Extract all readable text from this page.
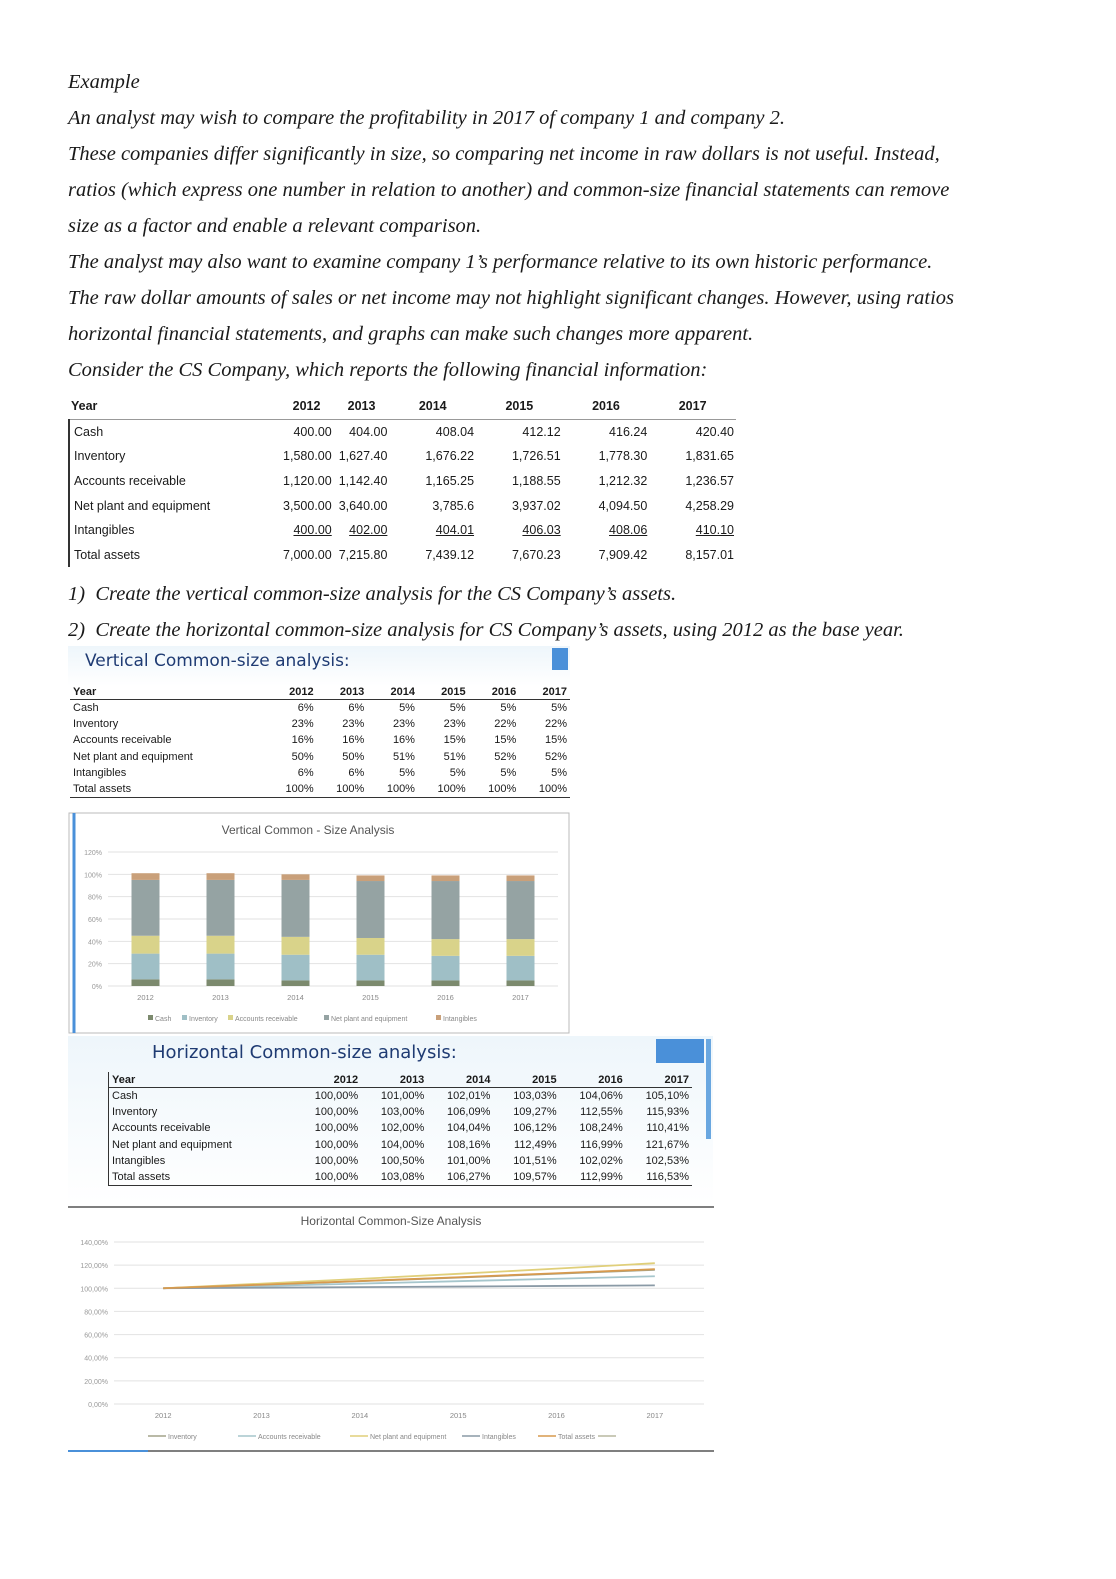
Example

An analyst may wish to compare the profitability in 2017 of company 1 and company 2.

These companies differ significantly in size, so comparing net income in raw dollars is not useful. Instead,

ratios (which express one number in relation to another) and common-size financial statements can remove

size as a factor and enable a relevant comparison.

The analyst may also want to examine company 1’s performance relative to its own historic performance.

The raw dollar amounts of sales or net income may not highlight significant changes. However, using ratios

horizontal financial statements, and graphs can make such changes more apparent.

Consider the CS Company, which reports the following financial information:

Year	2012	2013	2014	2015	2016	2017
Cash	400.00	404.00	408.04	412.12	416.24	420.40
Inventory	1,580.00	1,627.40	1,676.22	1,726.51	1,778.30	1,831.65
Accounts receivable	1,120.00	1,142.40	1,165.25	1,188.55	1,212.32	1,236.57
Net plant and equipment	3,500.00	3,640.00	3,785.6	3,937.02	4,094.50	4,258.29
Intangibles	400.00	402.00	404.01	406.03	408.06	410.10
Total assets	7,000.00	7,215.80	7,439.12	7,670.23	7,909.42	8,157.01

1)  Create the vertical common-size analysis for the CS Company’s assets.

2)  Create the horizontal common-size analysis for CS Company’s assets, using 2012 as the base year.

Vertical Common-size analysis:
Year	2012	2013	2014	2015	2016	2017
Cash	6%	6%	5%	5%	5%	5%
Inventory	23%	23%	23%	23%	22%	22%
Accounts receivable	16%	16%	16%	15%	15%	15%
Net plant and equipment	50%	50%	51%	51%	52%	52%
Intangibles	6%	6%	5%	5%	5%	5%
Total assets	100%	100%	100%	100%	100%	100%
Vertical Common - Size Analysis
0%
20%
40%
60%
80%
100%
120%
2012	2013	2014	2015	2016	2017
Cash	Inventory Accounts receivable	Net plant and equipment	Intangibles
Horizontal Common-size analysis:
Year	2012	2013	2014	2015	2016	2017
Cash	100,00%	101,00%	102,01%	103,03%	104,06%	105,10%
Inventory	100,00%	103,00%	106,09%	109,27%	112,55%	115,93%
Accounts receivable	100,00%	102,00%	104,04%	106,12%	108,24%	110,41%
Net plant and equipment	100,00%	104,00%	108,16%	112,49%	116,99%	121,67%
Intangibles	100,00%	100,50%	101,00%	101,51%	102,02%	102,53%
Total assets	100,00%	103,08%	106,27%	109,57%	112,99%	116,53%
Horizontal Common-Size Analysis
0,00%
20,00%
40,00%
60,00%
80,00%
100,00%
120,00%
140,00%
2012	2013	2014	2015	2016	2017
Inventory	Accounts receivable	Net plant and equipment	Intangibles	Total assets
